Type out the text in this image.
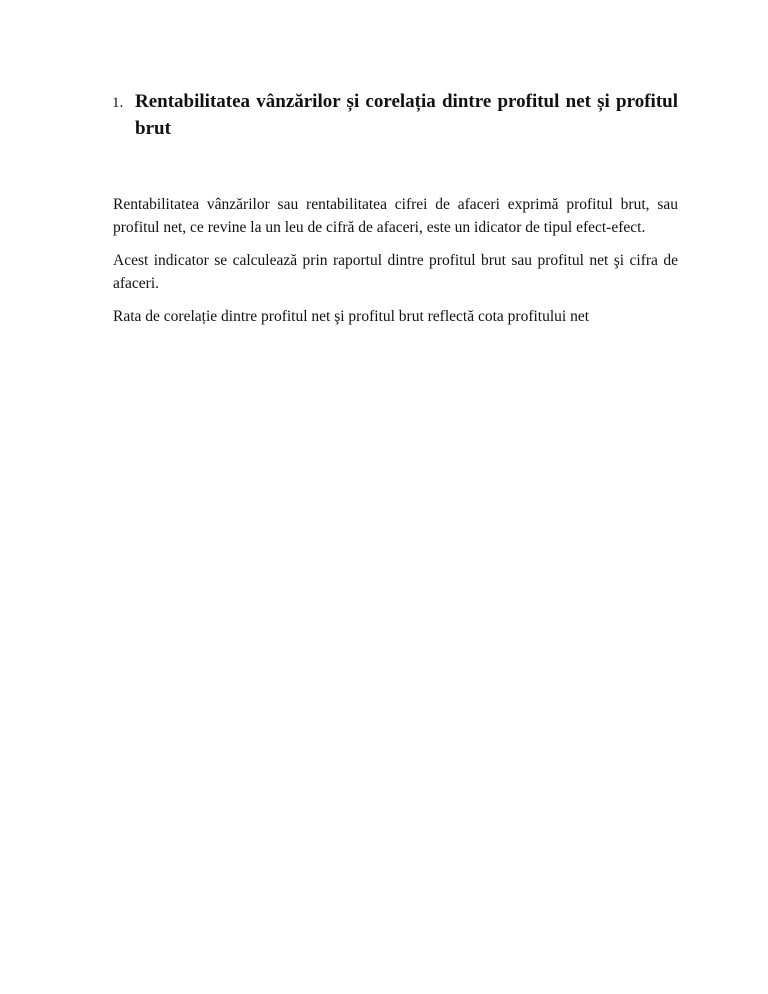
1. Rentabilitatea vânzărilor și corelația dintre profitul net și profitul brut

Rentabilitatea vânzărilor sau rentabilitatea cifrei de afaceri exprimă profitul brut, sau profitul net, ce revine la un leu de cifră de afaceri, este un idicator de tipul efect-efect.

Acest indicator se calculează prin raportul dintre profitul brut sau profitul net şi cifra de afaceri.

Rata de corelație dintre profitul net şi profitul brut reflectă cota profitului net
